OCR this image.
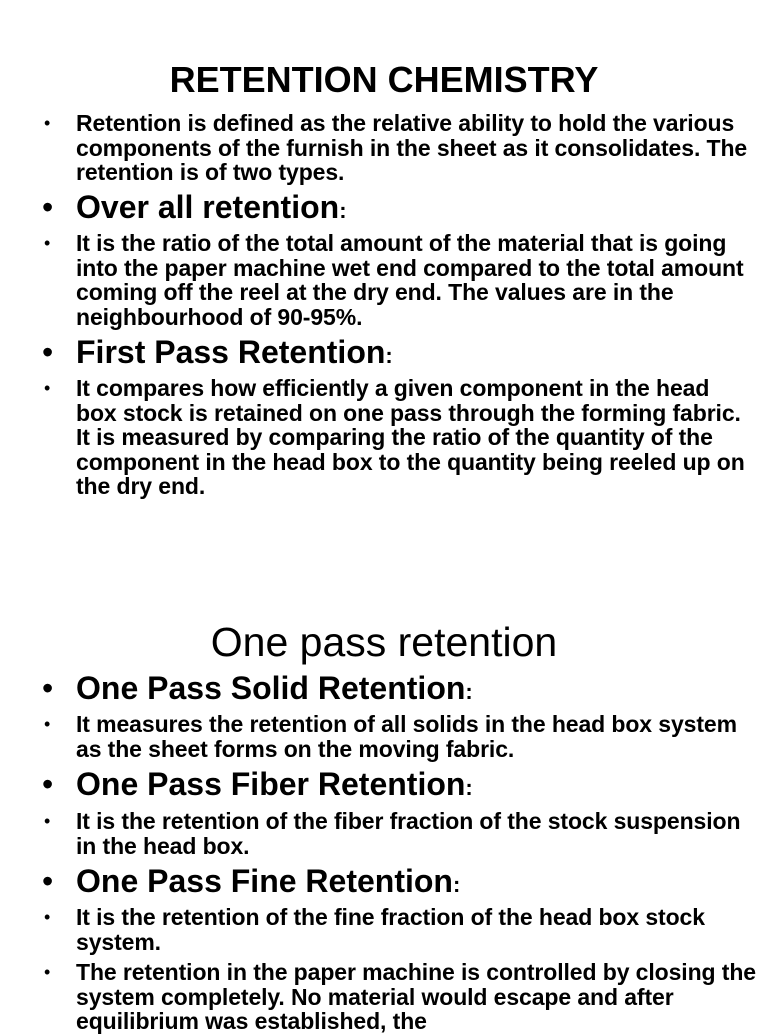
RETENTION CHEMISTRY
• Retention is defined as the relative ability to hold the various components of the furnish in the sheet as it consolidates. The retention is of two types.
• Over all retention:
• It is the ratio of the total amount of the material that is going into the paper machine wet end compared to the total amount coming off the reel at the dry end. The values are in the neighbourhood of 90-95%.
• First Pass Retention:
• It compares how efficiently a given component in the head box stock is retained on one pass through the forming fabric. It is measured by comparing the ratio of the quantity of the component in the head box to the quantity being reeled up on the dry end.
One pass retention
• One Pass Solid Retention:
• It measures the retention of all solids in the head box system as the sheet forms on the moving fabric.
• One Pass Fiber Retention:
• It is the retention of the fiber fraction of the stock suspension in the head box.
• One Pass Fine Retention:
• It is the retention of the fine fraction of the head box stock system.
• The retention in the paper machine is controlled by closing the system completely. No material would escape and after equilibrium was established, the
